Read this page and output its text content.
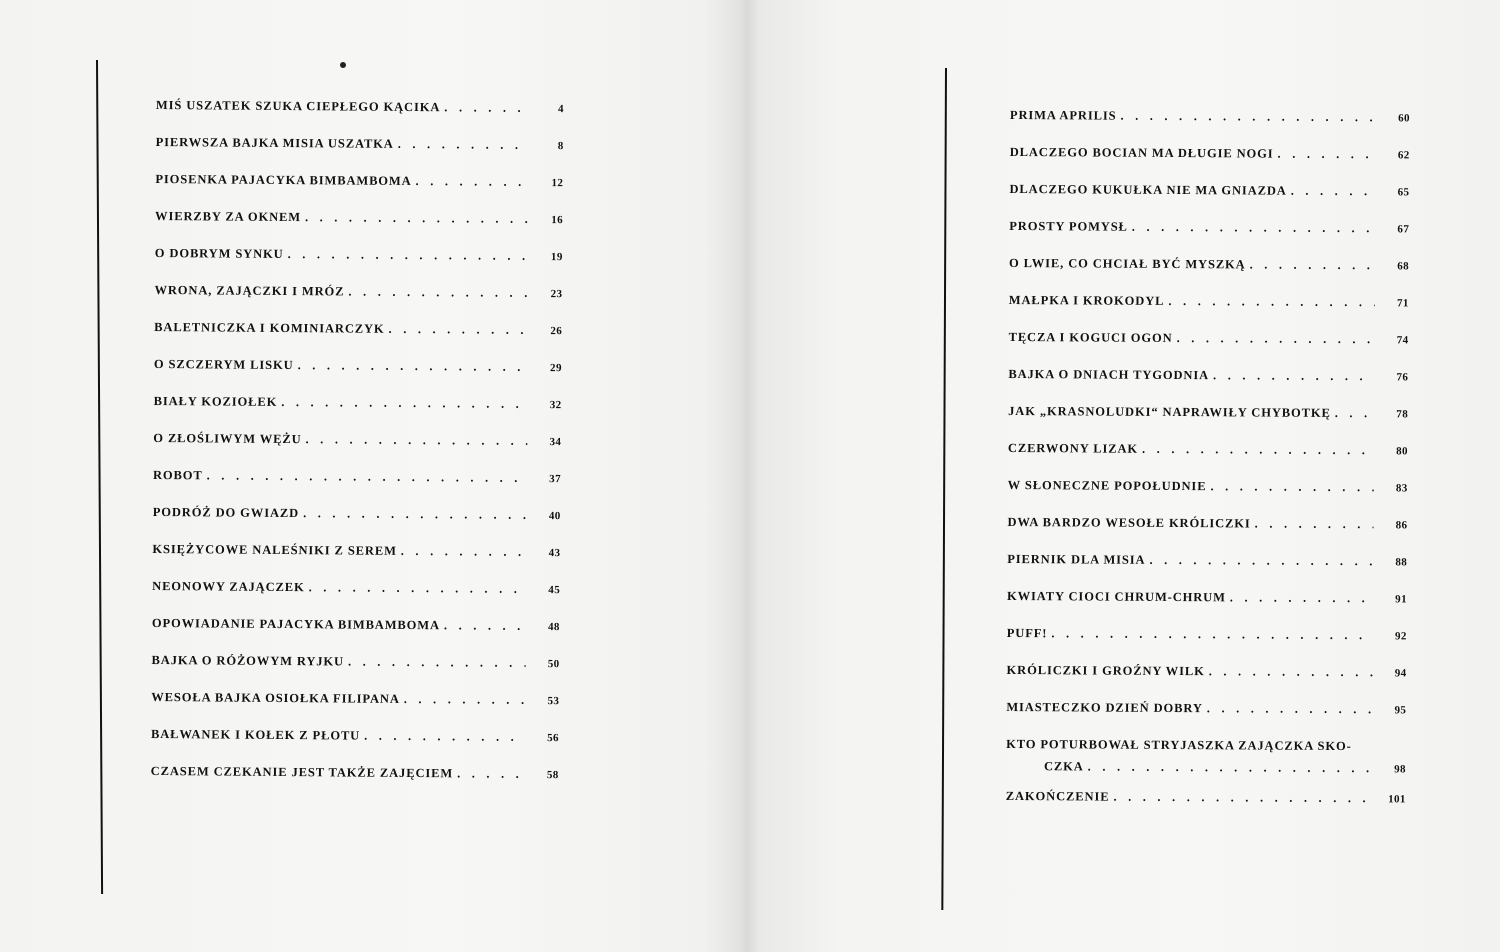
MIŚ USZATEK SZUKA CIEPŁEGO KĄCIKA . . .	4
PIERWSZA BAJKA MISIA USZATKA . . .	8
PIOSENKA PAJACYKA BIMBAMBOMA . . .	12
WIERZBY ZA OKNEM . . .	16
O DOBRYM SYNKU . . .	19
WRONA, ZAJĄCZKI I MRÓZ . . .	23
BALETNICZKA I KOMINIARCZYK . . .	26
O SZCZERYM LISKU . . .	29
BIAŁY KOZIOŁEK . . .	32
O ZŁOŚLIWYM WĘŻU . . .	34
ROBOT . . .	37
PODRÓŻ DO GWIAZD . . .	40
KSIĘŻYCOWE NALEŚNIKI Z SEREM . . .	43
NEONOWY ZAJĄCZEK . . .	45
OPOWIADANIE PAJACYKA BIMBAMBOMA . . .	48
BAJKA O RÓŻOWYM RYJKU . . .	50
WESOŁA BAJKA OSIOŁKA FILIPANA . . .	53
BAŁWANEK I KOŁEK Z PŁOTU . . .	56
CZASEM CZEKANIE JEST TAKŻE ZAJĘCIEM . . .	58
PRIMA APRILIS . . .	60
DLACZEGO BOCIAN MA DŁUGIE NOGI . . .	62
DLACZEGO KUKUŁKA NIE MA GNIAZDA . . .	65
PROSTY POMYSŁ . . .	67
O LWIE, CO CHCIAŁ BYĆ MYSZKĄ . . .	68
MAŁPKA I KROKODYL . . .	71
TĘCZA I KOGUCI OGON . . .	74
BAJKA O DNIACH TYGODNIA . . .	76
JAK „KRASNOLUDKI“ NAPRAWIŁY CHYBOTKĘ . . .	78
CZERWONY LIZAK . . .	80
W SŁONECZNE POPOŁUDNIE . . .	83
DWA BARDZO WESOŁE KRÓLICZKI . . .	86
PIERNIK DLA MISIA . . .	88
KWIATY CIOCI CHRUM-CHRUM . . .	91
PUFF! . . .	92
KRÓLICZKI I GROŹNY WILK . . .	94
MIASTECZKO DZIEŃ DOBRY . . .	95
KTO POTURBOWAŁ STRYJASZKA ZAJĄCZKA SKO-
CZKA . . .	98
ZAKOŃCZENIE . . .	101
